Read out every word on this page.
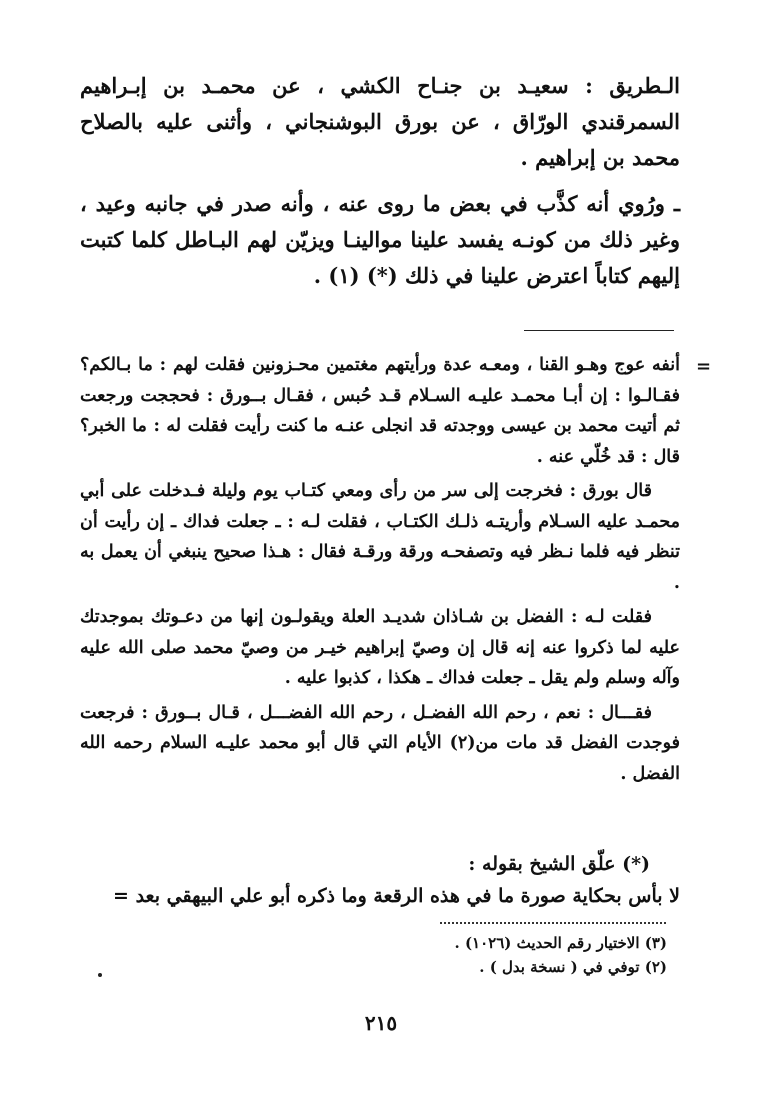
الـطريق : سعيـد بن جنـاح الكشي ، عن محمـد بن إبـراهيم السمرقندي الورّاق ، عن بورق البوشنجاني ، وأثنى عليه بالصلاح محمد بن إبراهيم .

ـ ورُوي أنه كذَّب في بعض ما روى عنه ، وأنه صدر في جانبه وعيد ، وغير ذلك من كونـه يفسد علينا موالينـا ويزيّن لهم البـاطل كلما كتبت إليهم كتاباً اعترض علينا في ذلك (*) (١) .

=

أنفه عوج وهـو القنا ، ومعـه عدة ورأيتهم مغتمين محـزونين فقلت لهم : ما بـالكم؟ فقـالـوا : إن أبـا محمـد عليـه السـلام قـد حُبس ، فقـال بــورق : فحججت ورجعت ثم أتيت محمد بن عيسى ووجدته قد انجلى عنـه ما كنت رأيت فقلت له : ما الخبر؟ قال : قد خُلّي عنه .

قال بورق : فخرجت إلى سر من رأى ومعي كتـاب يوم وليلة فـدخلت على أبي محمـد عليه السـلام وأريتـه ذلـك الكتـاب ، فقلت لـه : ـ جعلت فداك ـ إن رأيت أن تنظر فيه فلما نـظر فيه وتصفحـه ورقة ورقـة فقال : هـذا صحيح ينبغي أن يعمل به .

فقلت لـه : الفضل بن شـاذان شديـد العلة ويقولـون إنها من دعـوتك بموجدتك عليه لما ذكروا عنه إنه قال إن وصيّ إبراهيم خيـر من وصيّ محمد صلى الله عليه وآله وسلم ولم يقل ـ جعلت فداك ـ هكذا ، كذبوا عليه .

فقـــال : نعم ، رحم الله الفضـل ، رحم الله الفضـــل ، قـال بــورق : فرجعت فوجدت الفضل قد مات من(٢) الأيام التي قال أبو محمد عليـه السلام رحمه الله الفضل .

(*) علّق الشيخ بقوله :
لا بأس بحكاية صورة ما في هذه الرقعة وما ذكره أبو علي البيهقي بعد =
(٣) الاختيار رقم الحديث (١٠٢٦) .
(٢) توفي في ( نسخة بدل ) .
٢١٥
